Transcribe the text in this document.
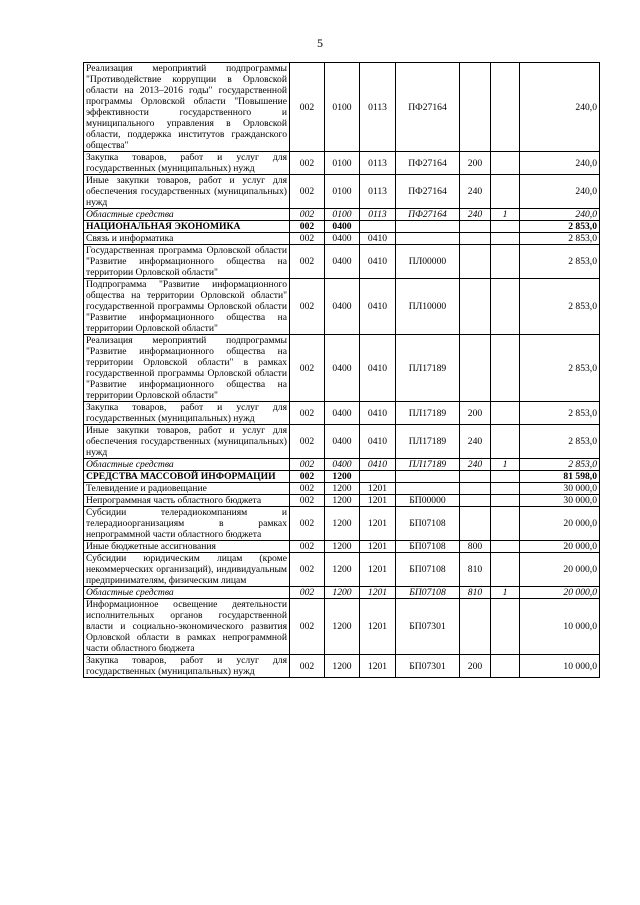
5
Реализация мероприятий подпрограммы "Противодействие коррупции в Орловской области на 2013–2016 годы" государственной программы Орловской области "Повышение эффективности государственного и муниципального управления в Орловской области, поддержка институтов гражданского общества"	002	0100	0113	ПФ27164			240,0
Закупка товаров, работ и услуг для государственных (муниципальных) нужд	002	0100	0113	ПФ27164	200		240,0
Иные закупки товаров, работ и услуг для обеспечения государственных (муниципальных) нужд	002	0100	0113	ПФ27164	240		240,0
Областные средства	002	0100	0113	ПФ27164	240	1	240,0
НАЦИОНАЛЬНАЯ ЭКОНОМИКА	002	0400					2 853,0
Связь и информатика	002	0400	0410				2 853,0
Государственная программа Орловской области "Развитие информационного общества на территории Орловской области"	002	0400	0410	ПЛ00000			2 853,0
Подпрограмма "Развитие информационного общества на территории Орловской области" государственной программы Орловской области "Развитие информационного общества на территории Орловской области"	002	0400	0410	ПЛ10000			2 853,0
Реализация мероприятий подпрограммы "Развитие информационного общества на территории Орловской области" в рамках государственной программы Орловской области "Развитие информационного общества на территории Орловской области"	002	0400	0410	ПЛ17189			2 853,0
Закупка товаров, работ и услуг для государственных (муниципальных) нужд	002	0400	0410	ПЛ17189	200		2 853,0
Иные закупки товаров, работ и услуг для обеспечения государственных (муниципальных) нужд	002	0400	0410	ПЛ17189	240		2 853,0
Областные средства	002	0400	0410	ПЛ17189	240	1	2 853,0
СРЕДСТВА МАССОВОЙ ИНФОРМАЦИИ	002	1200					81 598,0
Телевидение и радиовещание	002	1200	1201				30 000,0
Непрограммная часть областного бюджета	002	1200	1201	БП00000			30 000,0
Субсидии телерадиокомпаниям и телерадиоорганизациям в рамках непрограммной части областного бюджета	002	1200	1201	БП07108			20 000,0
Иные бюджетные ассигнования	002	1200	1201	БП07108	800		20 000,0
Субсидии юридическим лицам (кроме некоммерческих организаций), индивидуальным предпринимателям, физическим лицам	002	1200	1201	БП07108	810		20 000,0
Областные средства	002	1200	1201	БП07108	810	1	20 000,0
Информационное освещение деятельности исполнительных органов государственной власти и социально-экономического развития Орловской области в рамках непрограммной части областного бюджета	002	1200	1201	БП07301			10 000,0
Закупка товаров, работ и услуг для государственных (муниципальных) нужд	002	1200	1201	БП07301	200		10 000,0
